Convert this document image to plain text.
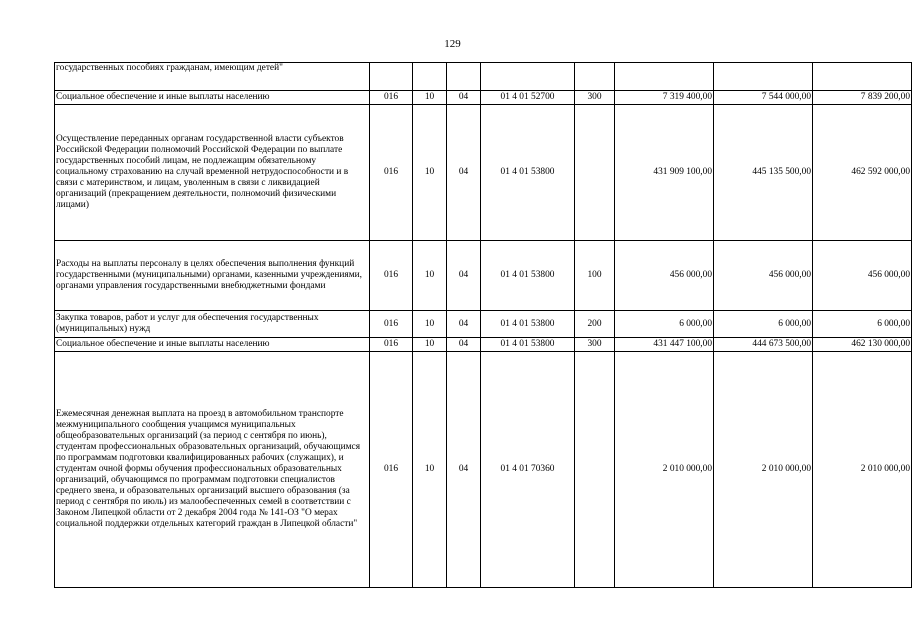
129
государственных пособиях гражданам, имеющим детей"								
Социальное обеспечение и иные выплаты населению	016	10	04	01 4 01 52700	300	7 319 400,00	7 544 000,00	7 839 200,00
Осуществление переданных органам государственной власти субъектов Российской Федерации полномочий Российской Федерации по выплате государственных пособий лицам, не подлежащим обязательному социальному страхованию на случай временной нетрудоспособности и в связи с материнством, и лицам, уволенным в связи с ликвидацией организаций (прекращением деятельности, полномочий физическими лицами)	016	10	04	01 4 01 53800		431 909 100,00	445 135 500,00	462 592 000,00
Расходы на выплаты персоналу в целях обеспечения выполнения функций государственными (муниципальными) органами, казенными учреждениями, органами управления государственными внебюджетными фондами	016	10	04	01 4 01 53800	100	456 000,00	456 000,00	456 000,00
Закупка товаров, работ и услуг для обеспечения государственных (муниципальных) нужд	016	10	04	01 4 01 53800	200	6 000,00	6 000,00	6 000,00
Социальное обеспечение и иные выплаты населению	016	10	04	01 4 01 53800	300	431 447 100,00	444 673 500,00	462 130 000,00
Ежемесячная денежная выплата на проезд в автомобильном транспорте межмуниципального сообщения учащимся муниципальных общеобразовательных организаций (за период с сентября по июнь), студентам профессиональных образовательных организаций, обучающимся по программам подготовки квалифицированных рабочих (служащих), и студентам очной формы обучения профессиональных образовательных организаций, обучающимся по программам подготовки специалистов среднего звена, и образовательных организаций высшего образования (за период с сентября по июль) из малообеспеченных семей в соответствии с Законом Липецкой области от 2 декабря 2004 года № 141-ОЗ "О мерах социальной поддержки отдельных категорий граждан в Липецкой области"	016	10	04	01 4 01 70360		2 010 000,00	2 010 000,00	2 010 000,00
